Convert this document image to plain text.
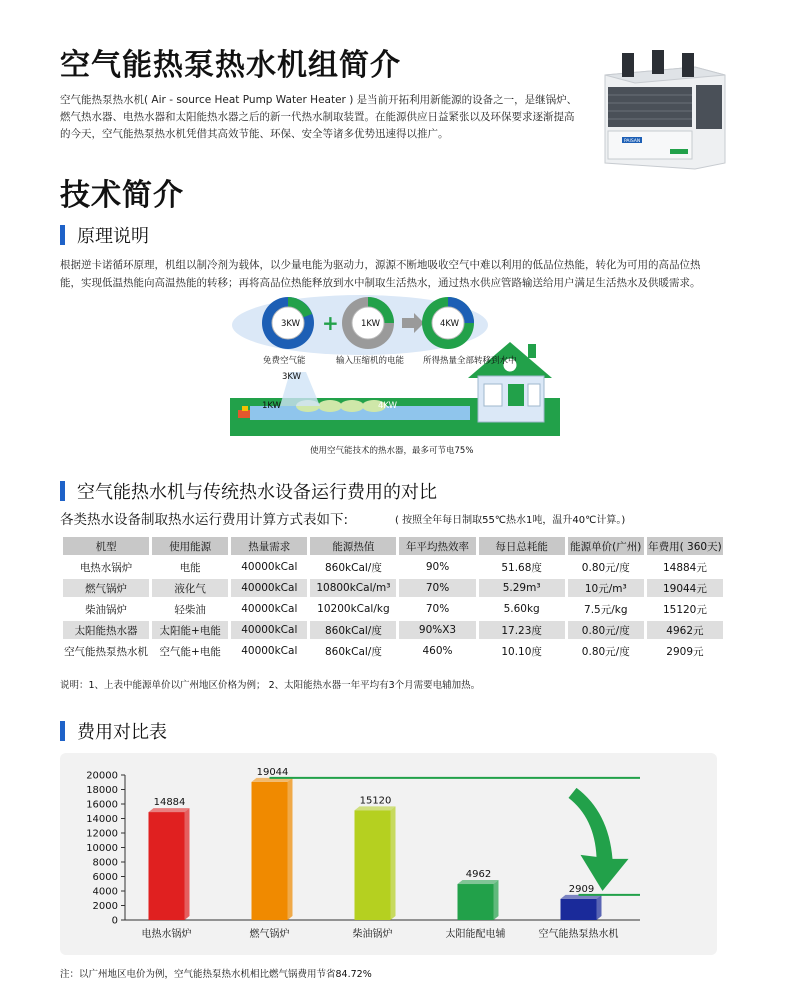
空气能热泵热水机组简介
空气能热泵热水机( Air - source Heat Pump Water Heater ) 是当前开拓利用新能源的设备之一，是继锅炉、燃气热水器、电热水器和太阳能热水器之后的新一代热水制取装置。在能源供应日益紧张以及环保要求逐渐提高的今天，空气能热泵热水机凭借其高效节能、环保、安全等诸多优势迅速得以推广。
PAISAN
技术简介
原理说明
根据逆卡诺循环原理，机组以制冷剂为载体，以少量电能为驱动力，源源不断地吸收空气中难以利用的低品位热能，转化为可用的高品位热能，实现低温热能向高温热能的转移；再将高品位热能释放到水中制取生活热水，通过热水供应管路输送给用户满足生活热水及供暖需求。
+
3KW	1KW	4KW
免费空气能	输入压缩机的电能 所得热量全部转移到水中
3KW
1KW	4KW
使用空气能技术的热水器，最多可节电75%
空气能热水机与传统热水设备运行费用的对比
各类热水设备制取热水运行费用计算方式表如下:	( 按照全年每日制取55℃热水1吨，温升40℃计算。)
机型	使用能源	热量需求	能源热值	年平均热效率	每日总耗能	能源单价(广州)	年费用( 360天)
电热水锅炉	电能	40000kCal	860kCal/度	90%	51.68度	0.80元/度	14884元
燃气锅炉	液化气	40000kCal	10800kCal/m³	70%	5.29m³	10元/m³	19044元
柴油锅炉	轻柴油	40000kCal	10200kCal/kg	70%	5.60kg	7.5元/kg	15120元
太阳能热水器	太阳能+电能	40000kCal	860kCal/度	90%X3	17.23度	0.80元/度	4962元
空气能热泵热水机	空气能+电能	40000kCal	860kCal/度	460%	10.10度	0.80元/度	2909元
说明：1、上表中能源单价以广州地区价格为例； 2、太阳能热水器一年平均有3个月需要电辅加热。
费用对比表
0
2000
4000
6000
8000
10000
12000
14000
16000
18000
20000
14884
电热水锅炉
19044
燃气锅炉
15120
柴油锅炉
4962
太阳能配电辅
2909
空气能热泵热水机
注：以广州地区电价为例，空气能热泵热水机相比燃气锅费用节省84.72%
